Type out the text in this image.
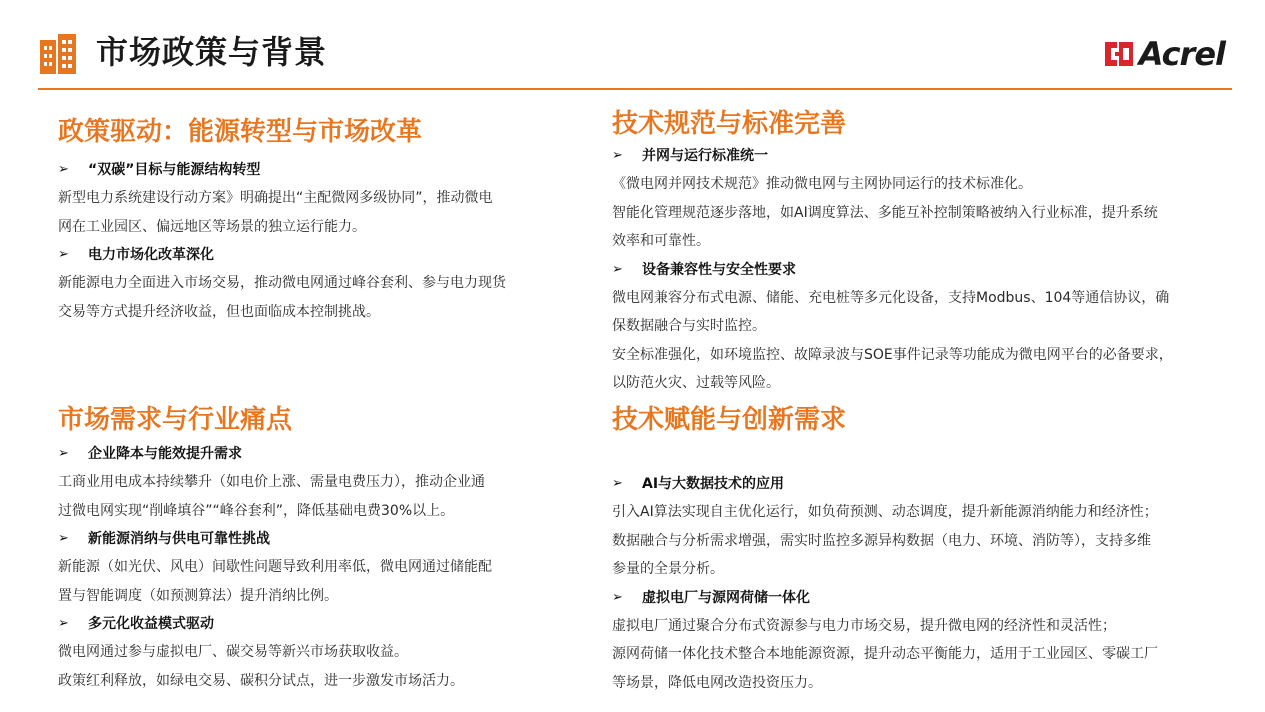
市场政策与背景	Acrel
政策驱动：能源转型与市场改革
➢	“双碳”目标与能源结构转型

新型电力系统建设行动方案》明确提出“主配微网多级协同”，推动微电

网在工业园区、偏远地区等场景的独立运行能力。

➢	电力市场化改革深化

新能源电力全面进入市场交易，推动微电网通过峰谷套利、参与电力现货

交易等方式提升经济收益，但也面临成本控制挑战。

技术规范与标准完善
➢	并网与运行标准统一

《微电网并网技术规范》推动微电网与主网协同运行的技术标准化。

智能化管理规范逐步落地，如AI调度算法、多能互补控制策略被纳入行业标准，提升系统

效率和可靠性。

➢	设备兼容性与安全性要求

微电网兼容分布式电源、储能、充电桩等多元化设备，支持Modbus、104等通信协议，确

保数据融合与实时监控。

安全标准强化，如环境监控、故障录波与SOE事件记录等功能成为微电网平台的必备要求，

以防范火灾、过载等风险。

市场需求与行业痛点
➢	企业降本与能效提升需求

工商业用电成本持续攀升（如电价上涨、需量电费压力），推动企业通

过微电网实现“削峰填谷”“峰谷套利”，降低基础电费30%以上。

➢	新能源消纳与供电可靠性挑战

新能源（如光伏、风电）间歇性问题导致利用率低，微电网通过储能配

置与智能调度（如预测算法）提升消纳比例。

➢	多元化收益模式驱动

微电网通过参与虚拟电厂、碳交易等新兴市场获取收益。

政策红利释放，如绿电交易、碳积分试点，进一步激发市场活力。

技术赋能与创新需求
➢	AI与大数据技术的应用

引入AI算法实现自主优化运行，如负荷预测、动态调度，提升新能源消纳能力和经济性；

数据融合与分析需求增强，需实时监控多源异构数据（电力、环境、消防等），支持多维

参量的全景分析。

➢	虚拟电厂与源网荷储一体化

虚拟电厂通过聚合分布式资源参与电力市场交易，提升微电网的经济性和灵活性；

源网荷储一体化技术整合本地能源资源，提升动态平衡能力，适用于工业园区、零碳工厂

等场景，降低电网改造投资压力。
